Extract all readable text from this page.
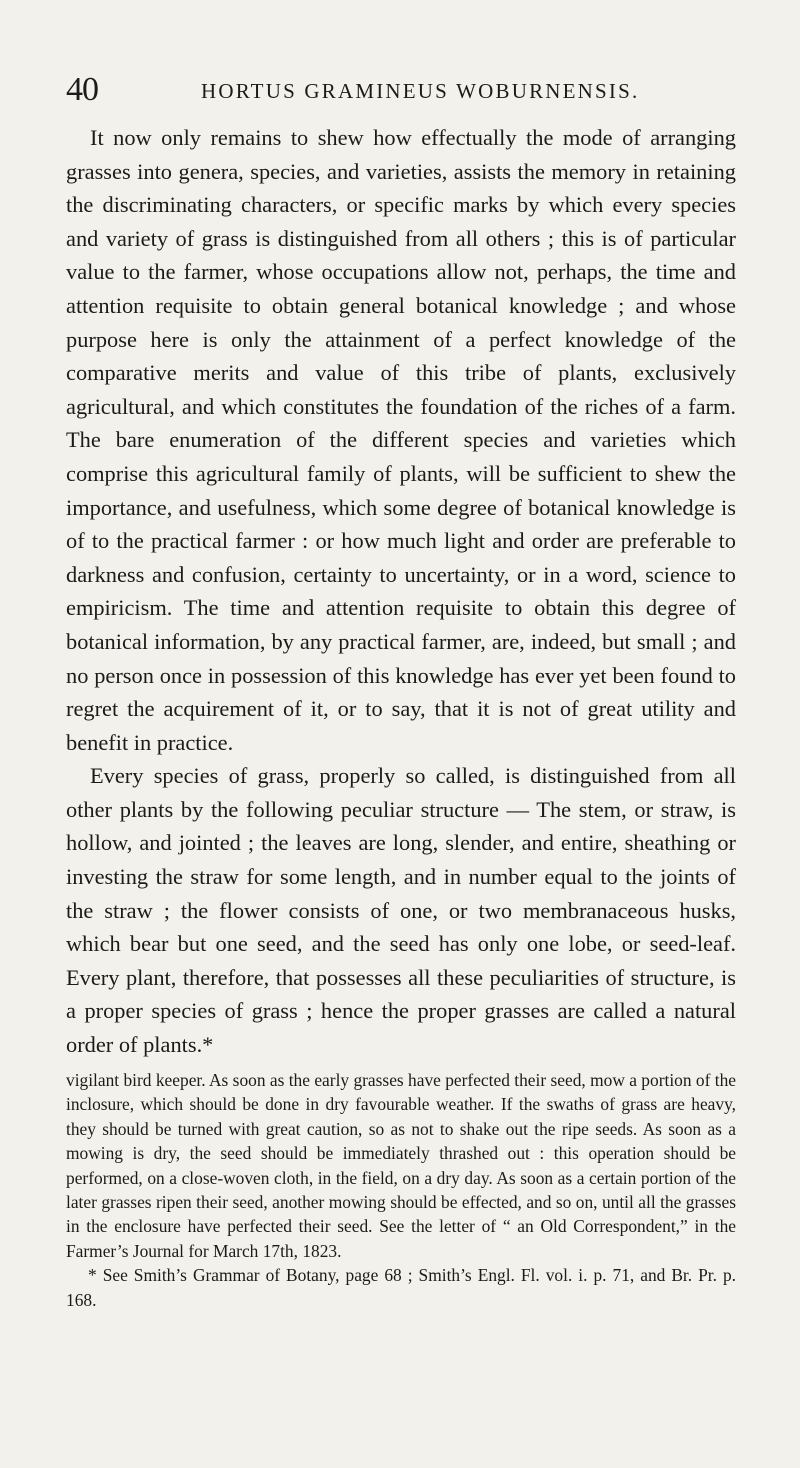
40	HORTUS GRAMINEUS WOBURNENSIS.

It now only remains to shew how effectually the mode of arranging grasses into genera, species, and varieties, assists the memory in retaining the discriminating characters, or specific marks by which every species and variety of grass is distinguished from all others ; this is of particular value to the farmer, whose occupations allow not, perhaps, the time and attention requisite to obtain general botanical knowledge ; and whose purpose here is only the attainment of a perfect knowledge of the comparative merits and value of this tribe of plants, exclusively agricultural, and which constitutes the foundation of the riches of a farm. The bare enumeration of the different species and varieties which comprise this agricultural family of plants, will be sufficient to shew the importance, and usefulness, which some degree of botanical knowledge is of to the practical farmer : or how much light and order are preferable to darkness and confusion, certainty to uncertainty, or in a word, science to empiricism. The time and attention requisite to obtain this degree of botanical information, by any practical farmer, are, indeed, but small ; and no person once in possession of this knowledge has ever yet been found to regret the acquirement of it, or to say, that it is not of great utility and benefit in practice.

Every species of grass, properly so called, is distinguished from all other plants by the following peculiar structure — The stem, or straw, is hollow, and jointed ; the leaves are long, slender, and entire, sheathing or investing the straw for some length, and in number equal to the joints of the straw ; the flower consists of one, or two membranaceous husks, which bear but one seed, and the seed has only one lobe, or seed-leaf. Every plant, therefore, that possesses all these peculiarities of structure, is a proper species of grass ; hence the proper grasses are called a natural order of plants.*

vigilant bird keeper. As soon as the early grasses have perfected their seed, mow a portion of the inclosure, which should be done in dry favourable weather. If the swaths of grass are heavy, they should be turned with great caution, so as not to shake out the ripe seeds. As soon as a mowing is dry, the seed should be immediately thrashed out : this operation should be performed, on a close-woven cloth, in the field, on a dry day. As soon as a certain portion of the later grasses ripen their seed, another mowing should be effected, and so on, until all the grasses in the enclosure have perfected their seed. See the letter of “ an Old Correspondent,” in the Farmer’s Journal for March 17th, 1823.

* See Smith’s Grammar of Botany, page 68 ; Smith’s Engl. Fl. vol. i. p. 71, and Br. Pr. p. 168.
